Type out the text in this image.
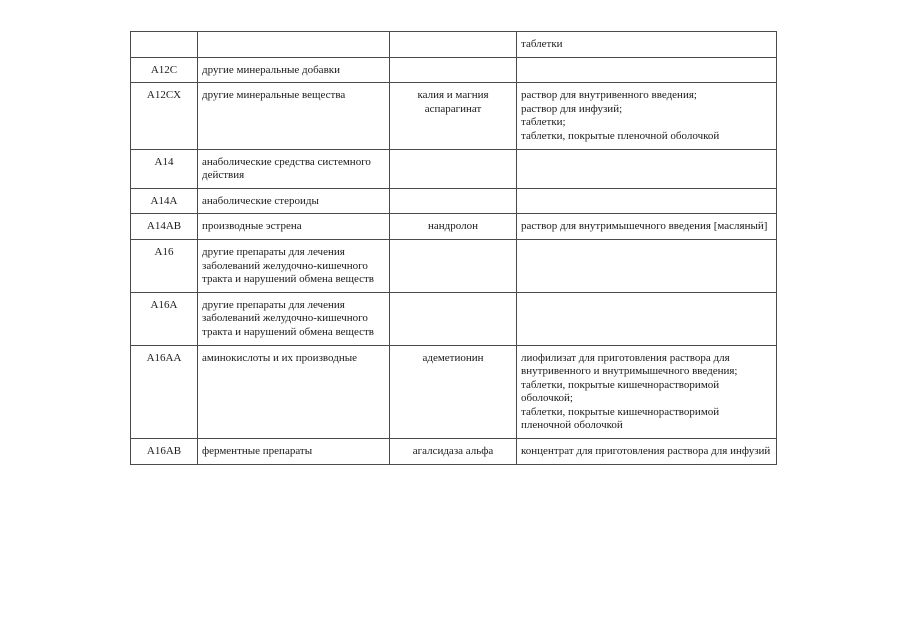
			таблетки

A12C	другие минеральные добавки		
A12CX	другие минеральные вещества	калия и магния аспарагинат	раствор для внутривенного введения;
раствор для инфузий;
таблетки;
таблетки, покрытые пленочной оболочкой

A14	анаболические средства системного действия		
A14A	анаболические стероиды		
A14AB	производные эстрена	нандролон	раствор для внутримышечного введения [масляный]

A16	другие препараты для лечения заболеваний желудочно-кишечного тракта и нарушений обмена веществ		
A16A	другие препараты для лечения заболеваний желудочно-кишечного тракта и нарушений обмена веществ		
A16AA	аминокислоты и их производные	адеметионин	лиофилизат для приготовления раствора для внутривенного и внутримышечного введения;
таблетки, покрытые кишечнорастворимой оболочкой;
таблетки, покрытые кишечнорастворимой пленочной оболочкой

A16AB	ферментные препараты	агалсидаза альфа	концентрат для приготовления раствора для инфузий
